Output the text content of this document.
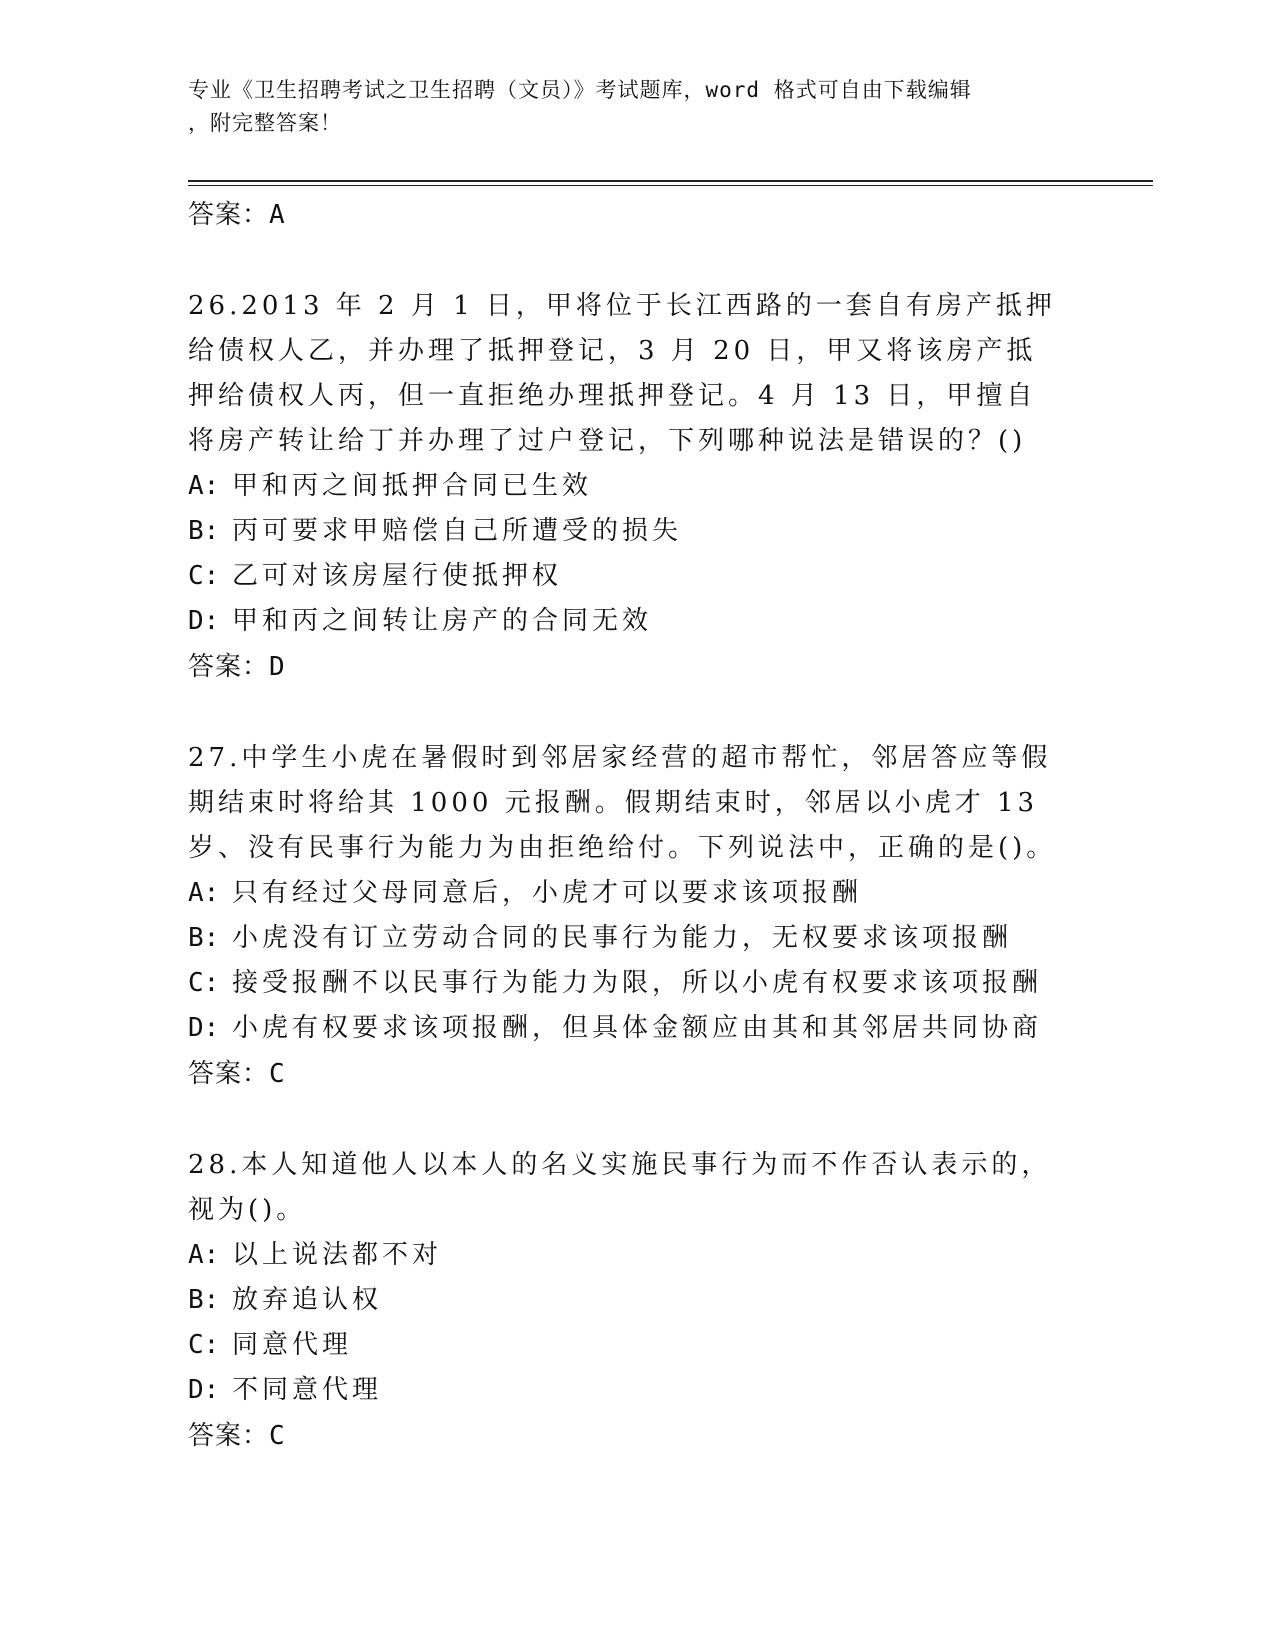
专业《卫生招聘考试之卫生招聘（文员）》考试题库，word 格式可自由下载编辑
，附完整答案！
答案：A

26.2013 年 2 月 1 日，甲将位于长江西路的一套自有房产抵押给债权人乙，并办理了抵押登记，3 月 20 日，甲又将该房产抵押给债权人丙，但一直拒绝办理抵押登记。4 月 13 日，甲擅自将房产转让给丁并办理了过户登记，下列哪种说法是错误的？()

A: 甲和丙之间抵押合同已生效
B: 丙可要求甲赔偿自己所遭受的损失
C: 乙可对该房屋行使抵押权
D: 甲和丙之间转让房产的合同无效
答案：D

27.中学生小虎在暑假时到邻居家经营的超市帮忙，邻居答应等假期结束时将给其 1000 元报酬。假期结束时，邻居以小虎才 13 岁、没有民事行为能力为由拒绝给付。下列说法中，正确的是()。

A: 只有经过父母同意后，小虎才可以要求该项报酬
B: 小虎没有订立劳动合同的民事行为能力，无权要求该项报酬
C: 接受报酬不以民事行为能力为限，所以小虎有权要求该项报酬
D: 小虎有权要求该项报酬，但具体金额应由其和其邻居共同协商
答案：C

28.本人知道他人以本人的名义实施民事行为而不作否认表示的，视为()。

A: 以上说法都不对
B: 放弃追认权
C: 同意代理
D: 不同意代理
答案：C
